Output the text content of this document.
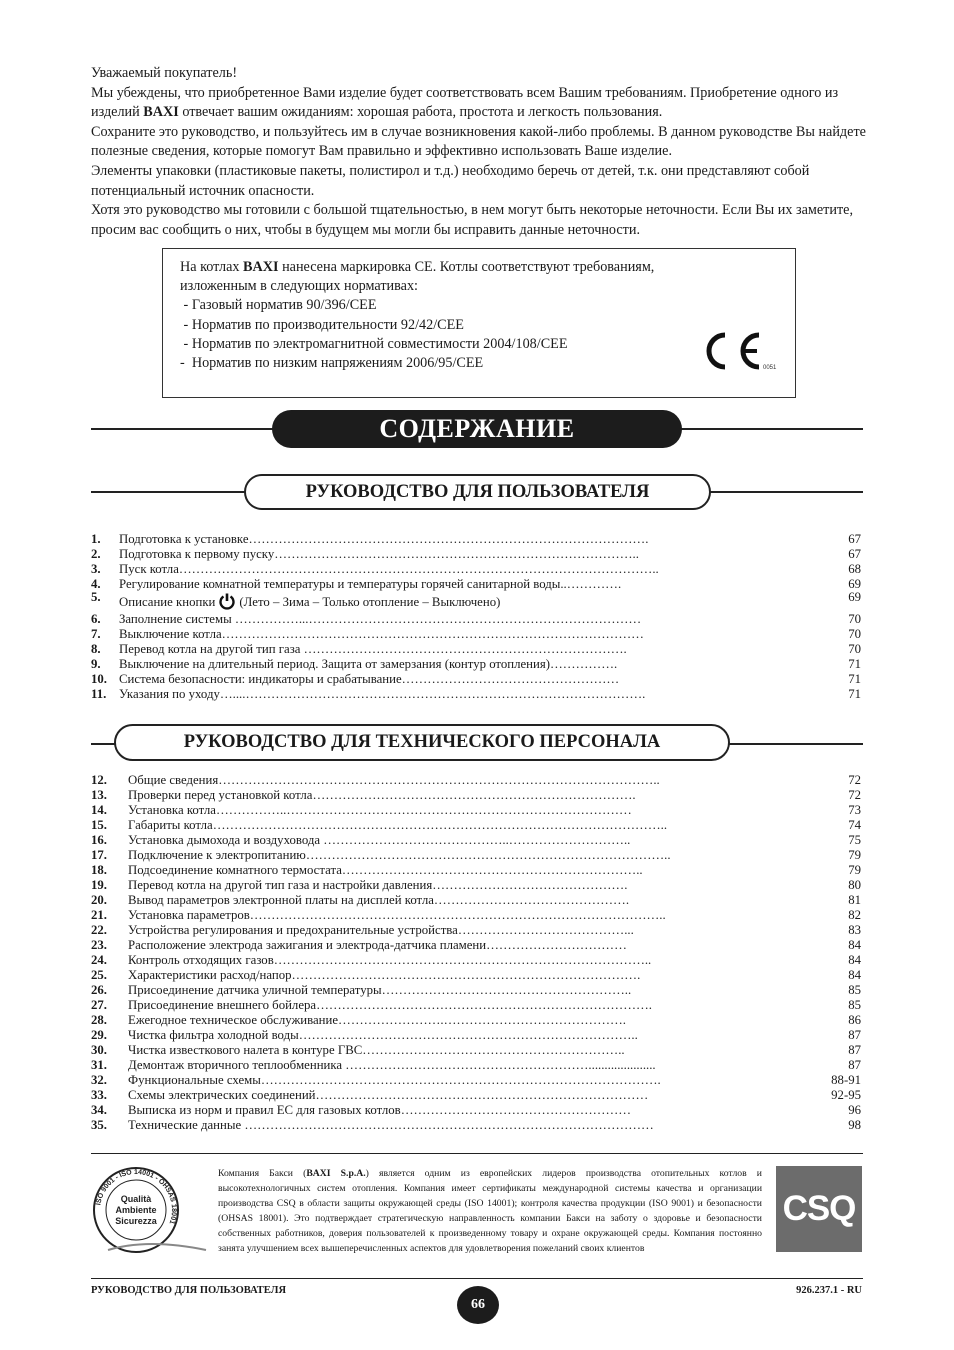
Уважаемый покупатель!

Мы убеждены, что приобретенное Вами изделие будет соответствовать всем Вашим требованиям. Приобретение одного из изделий BAXI отвечает вашим ожиданиям: хорошая работа, простота и легкость пользования.

Сохраните это руководство, и пользуйтесь им в случае возникновения какой-либо проблемы. В данном руководстве Вы найдете полезные сведения, которые помогут Вам правильно и эффективно использовать Ваше изделие.

Элементы упаковки (пластиковые пакеты, полистирол и т.д.) необходимо беречь от детей, т.к. они представляют собой потенциальный источник опасности.

Хотя это руководство мы готовили с большой тщательностью, в нем могут быть некоторые неточности. Если Вы их заметите, просим вас сообщить о них, чтобы в будущем мы могли бы исправить данные неточности.

На котлах BAXI нанесена маркировка CE. Котлы соответствуют требованиям,

изложенным в следующих нормативах:

- Газовый норматив 90/396/CEE

- Норматив по производительности 92/42/CEE

- Норматив по электромагнитной совместимости 2004/108/CEE

-  Норматив по низким напряжениям 2006/95/CEE	0051
СОДЕРЖАНИЕ
РУКОВОДСТВО ДЛЯ ПОЛЬЗОВАТЕЛЯ
1. Подготовка к установке………………………………………………………………………………….	67
2. Подготовка к первому пуску…………………………………………………………………………..	67
3. Пуск котла…………………………………………………………………………………………………..	68
4. Регулирование комнатной температуры и температуры горячей санитарной воды..………….	69
5. Описание кнопки (Лето – Зима – Только отопление – Выключено)	69
6. Заполнение системы ……………...……………………………………………………………………	70
7. Выключение котла………………………………………………………………………………………	70
8. Перевод котла на другой тип газа ………………………………………………………………….	70
9. Выключение на длительный период. Защита от замерзания (контур отопления)…………….	71
10. Система безопасности: индикаторы и срабатывание……………………………………………	71
11. Указания по уходу…....………………………………………………………………………………….	71
РУКОВОДСТВО ДЛЯ ТЕХНИЧЕСКОГО ПЕРСОНАЛА
12. Общие сведения…………………………………………………………………………………………..	72
13. Проверки перед установкой котла………………………………………………………………….	72
14. Установка котла……………..………………………………………………………………………	73
15. Габариты котла……………………………………………………………………………………………..	74
16. Установка дымохода и воздуховода ……………………………………..………………………..	75
17. Подключение к электропитанию…………………………………………………………………………..	79
18. Подсоединение комнатного термостата……………………………………………………………..	79
19. Перевод котла на другой тип газа и настройки давления……………………………………….	80
20. Вывод параметров электронной платы на дисплей котла……………………………………….	81
21. Установка параметров……………………………………………………………………………………..	82
22. Устройства регулирования и предохранительные устройства…………………………………...	83
23. Расположение электрода зажигания и электрода-датчика пламени……………………………	84
24. Контроль отходящих газов……………………………………………………………………………..	84
25. Характеристики расход/напор……………………………………………………………………….	84
26. Присоединение датчика уличной температуры…………………………………………………..	85
27. Присоединение внешнего бойлера…………………………………………………………………….	85
28. Ежегодное техническое обслуживание…………………….…………………………………….	86
29. Чистка фильтра холодной воды……………………………………………………………………..	87
30. Чистка известкового налета в контуре ГВС……………………………………………………..	87
31. Демонтаж вторичного теплообменника ………………………………………………….....................	87
32. Функциональные схемы………………………………………………………………………………….	88-91
33. Схемы электрических соединений……………………………………………………………………	92-95
34. Выписка из норм и правил ЕС для газовых котлов………………………………………………	96
35. Технические данные ……………………………………………………………………………………	98
ISO 9001 - ISO 14001 - OHSAS 18001
Qualità
Ambiente
Sicurezza
Компания Бакси (BAXI S.p.A.) является одним из европейских лидеров производства отопительных котлов и высокотехнологичных систем отопления. Компания имеет сертификаты международной системы качества и организации производства CSQ в области защиты окружающей среды (ISO 14001); контроля качества продукции (ISO 9001) и безопасности (OHSAS 18001). Это подтверждает стратегическую направленность компании Бакси на заботу о здоровье и безопасности собственных работников, доверия пользователей к произведенному товару и охране окружающей среды. Компания постоянно занята улучшением всех вышеперечисленных аспектов для удовлетворения пожеланий своих клиентов
CSQ
РУКОВОДСТВО ДЛЯ ПОЛЬЗОВАТЕЛЯ
66
926.237.1 - RU
